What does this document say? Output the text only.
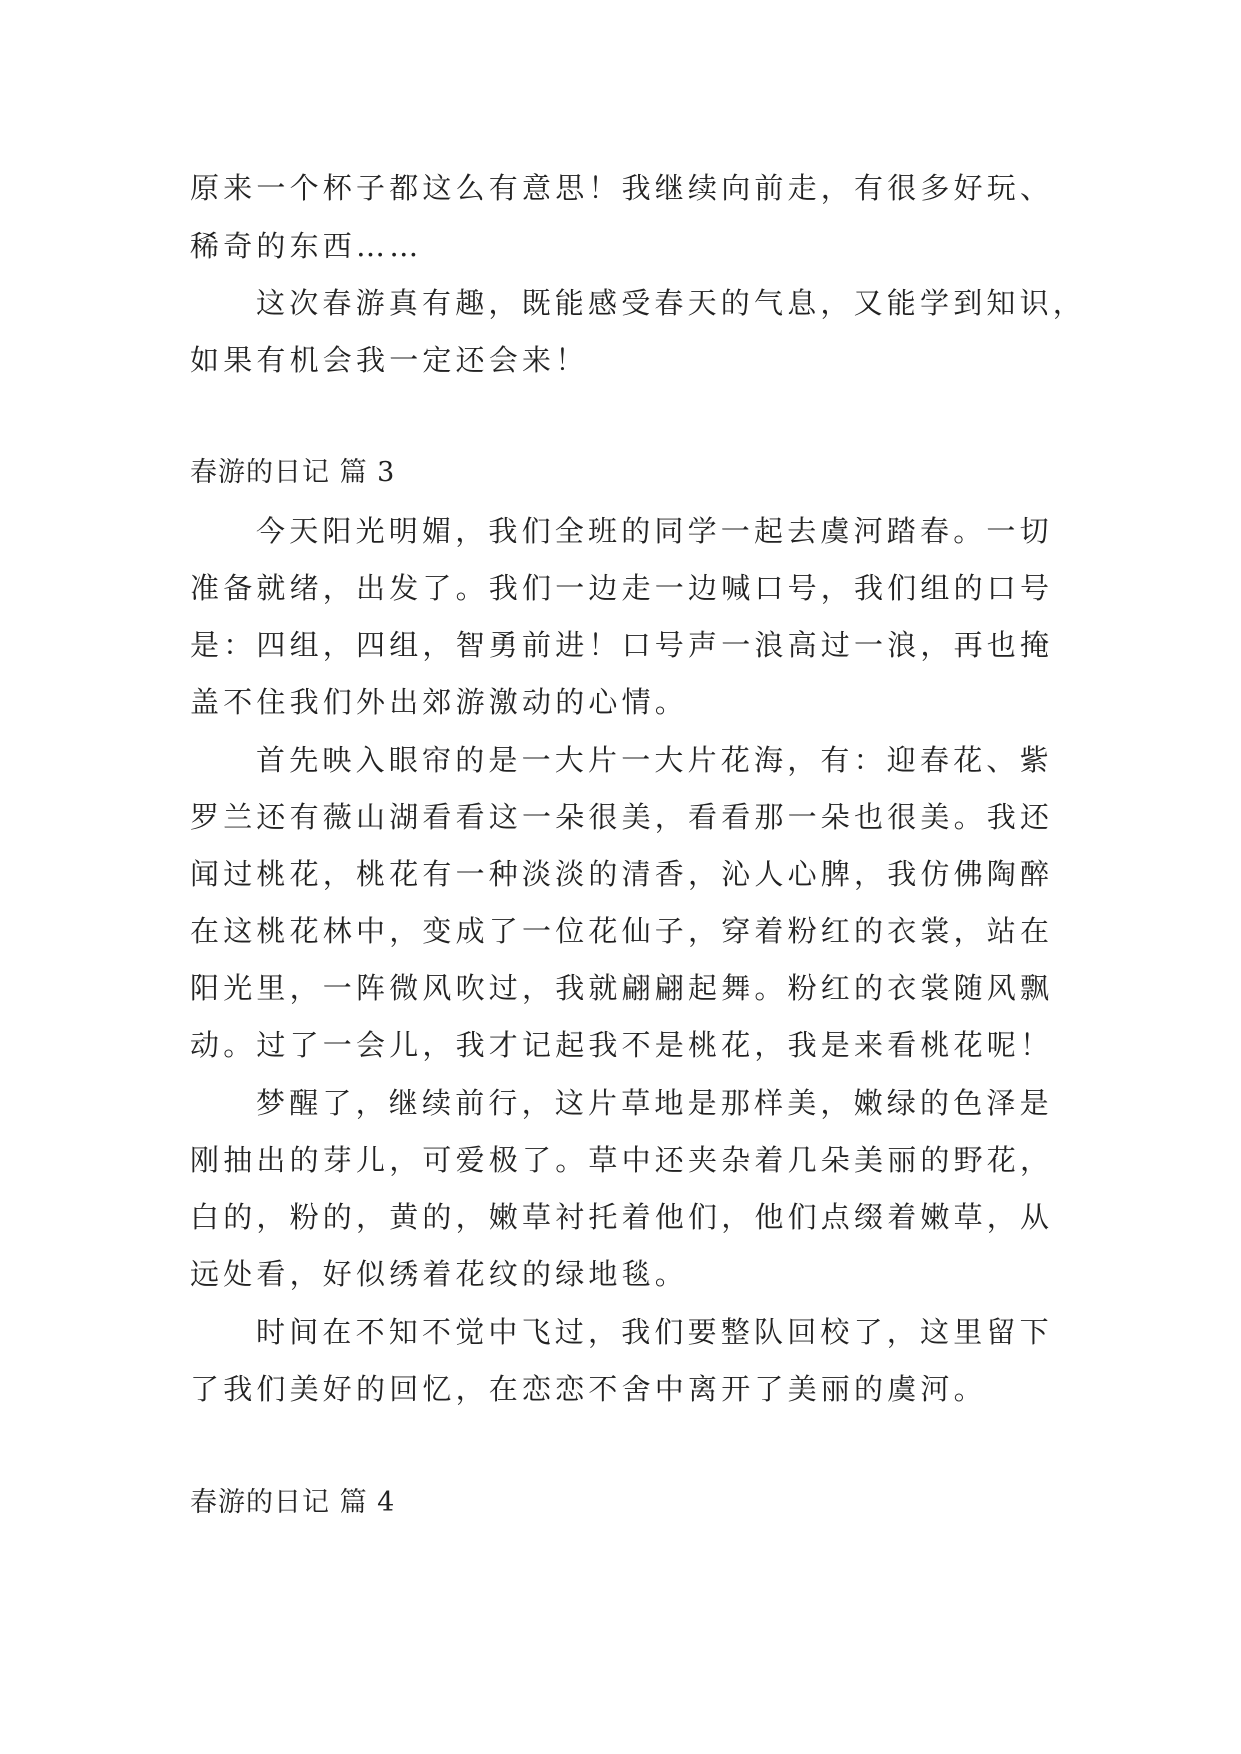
原来一个杯子都这么有意思！我继续向前走，有很多好玩、
稀奇的东西……
这次春游真有趣，既能感受春天的气息，又能学到知识，
如果有机会我一定还会来！
春游的日记 篇 3
今天阳光明媚，我们全班的同学一起去虞河踏春。一切
准备就绪，出发了。我们一边走一边喊口号，我们组的口号
是：四组，四组，智勇前进！口号声一浪高过一浪，再也掩
盖不住我们外出郊游激动的心情。
首先映入眼帘的是一大片一大片花海，有：迎春花、紫
罗兰还有薇山湖看看这一朵很美，看看那一朵也很美。我还
闻过桃花，桃花有一种淡淡的清香，沁人心脾，我仿佛陶醉
在这桃花林中，变成了一位花仙子，穿着粉红的衣裳，站在
阳光里，一阵微风吹过，我就翩翩起舞。粉红的衣裳随风飘
动。过了一会儿，我才记起我不是桃花，我是来看桃花呢！
梦醒了，继续前行，这片草地是那样美，嫩绿的色泽是
刚抽出的芽儿，可爱极了。草中还夹杂着几朵美丽的野花，
白的，粉的，黄的，嫩草衬托着他们，他们点缀着嫩草，从
远处看，好似绣着花纹的绿地毯。
时间在不知不觉中飞过，我们要整队回校了，这里留下
了我们美好的回忆，在恋恋不舍中离开了美丽的虞河。
春游的日记 篇 4
